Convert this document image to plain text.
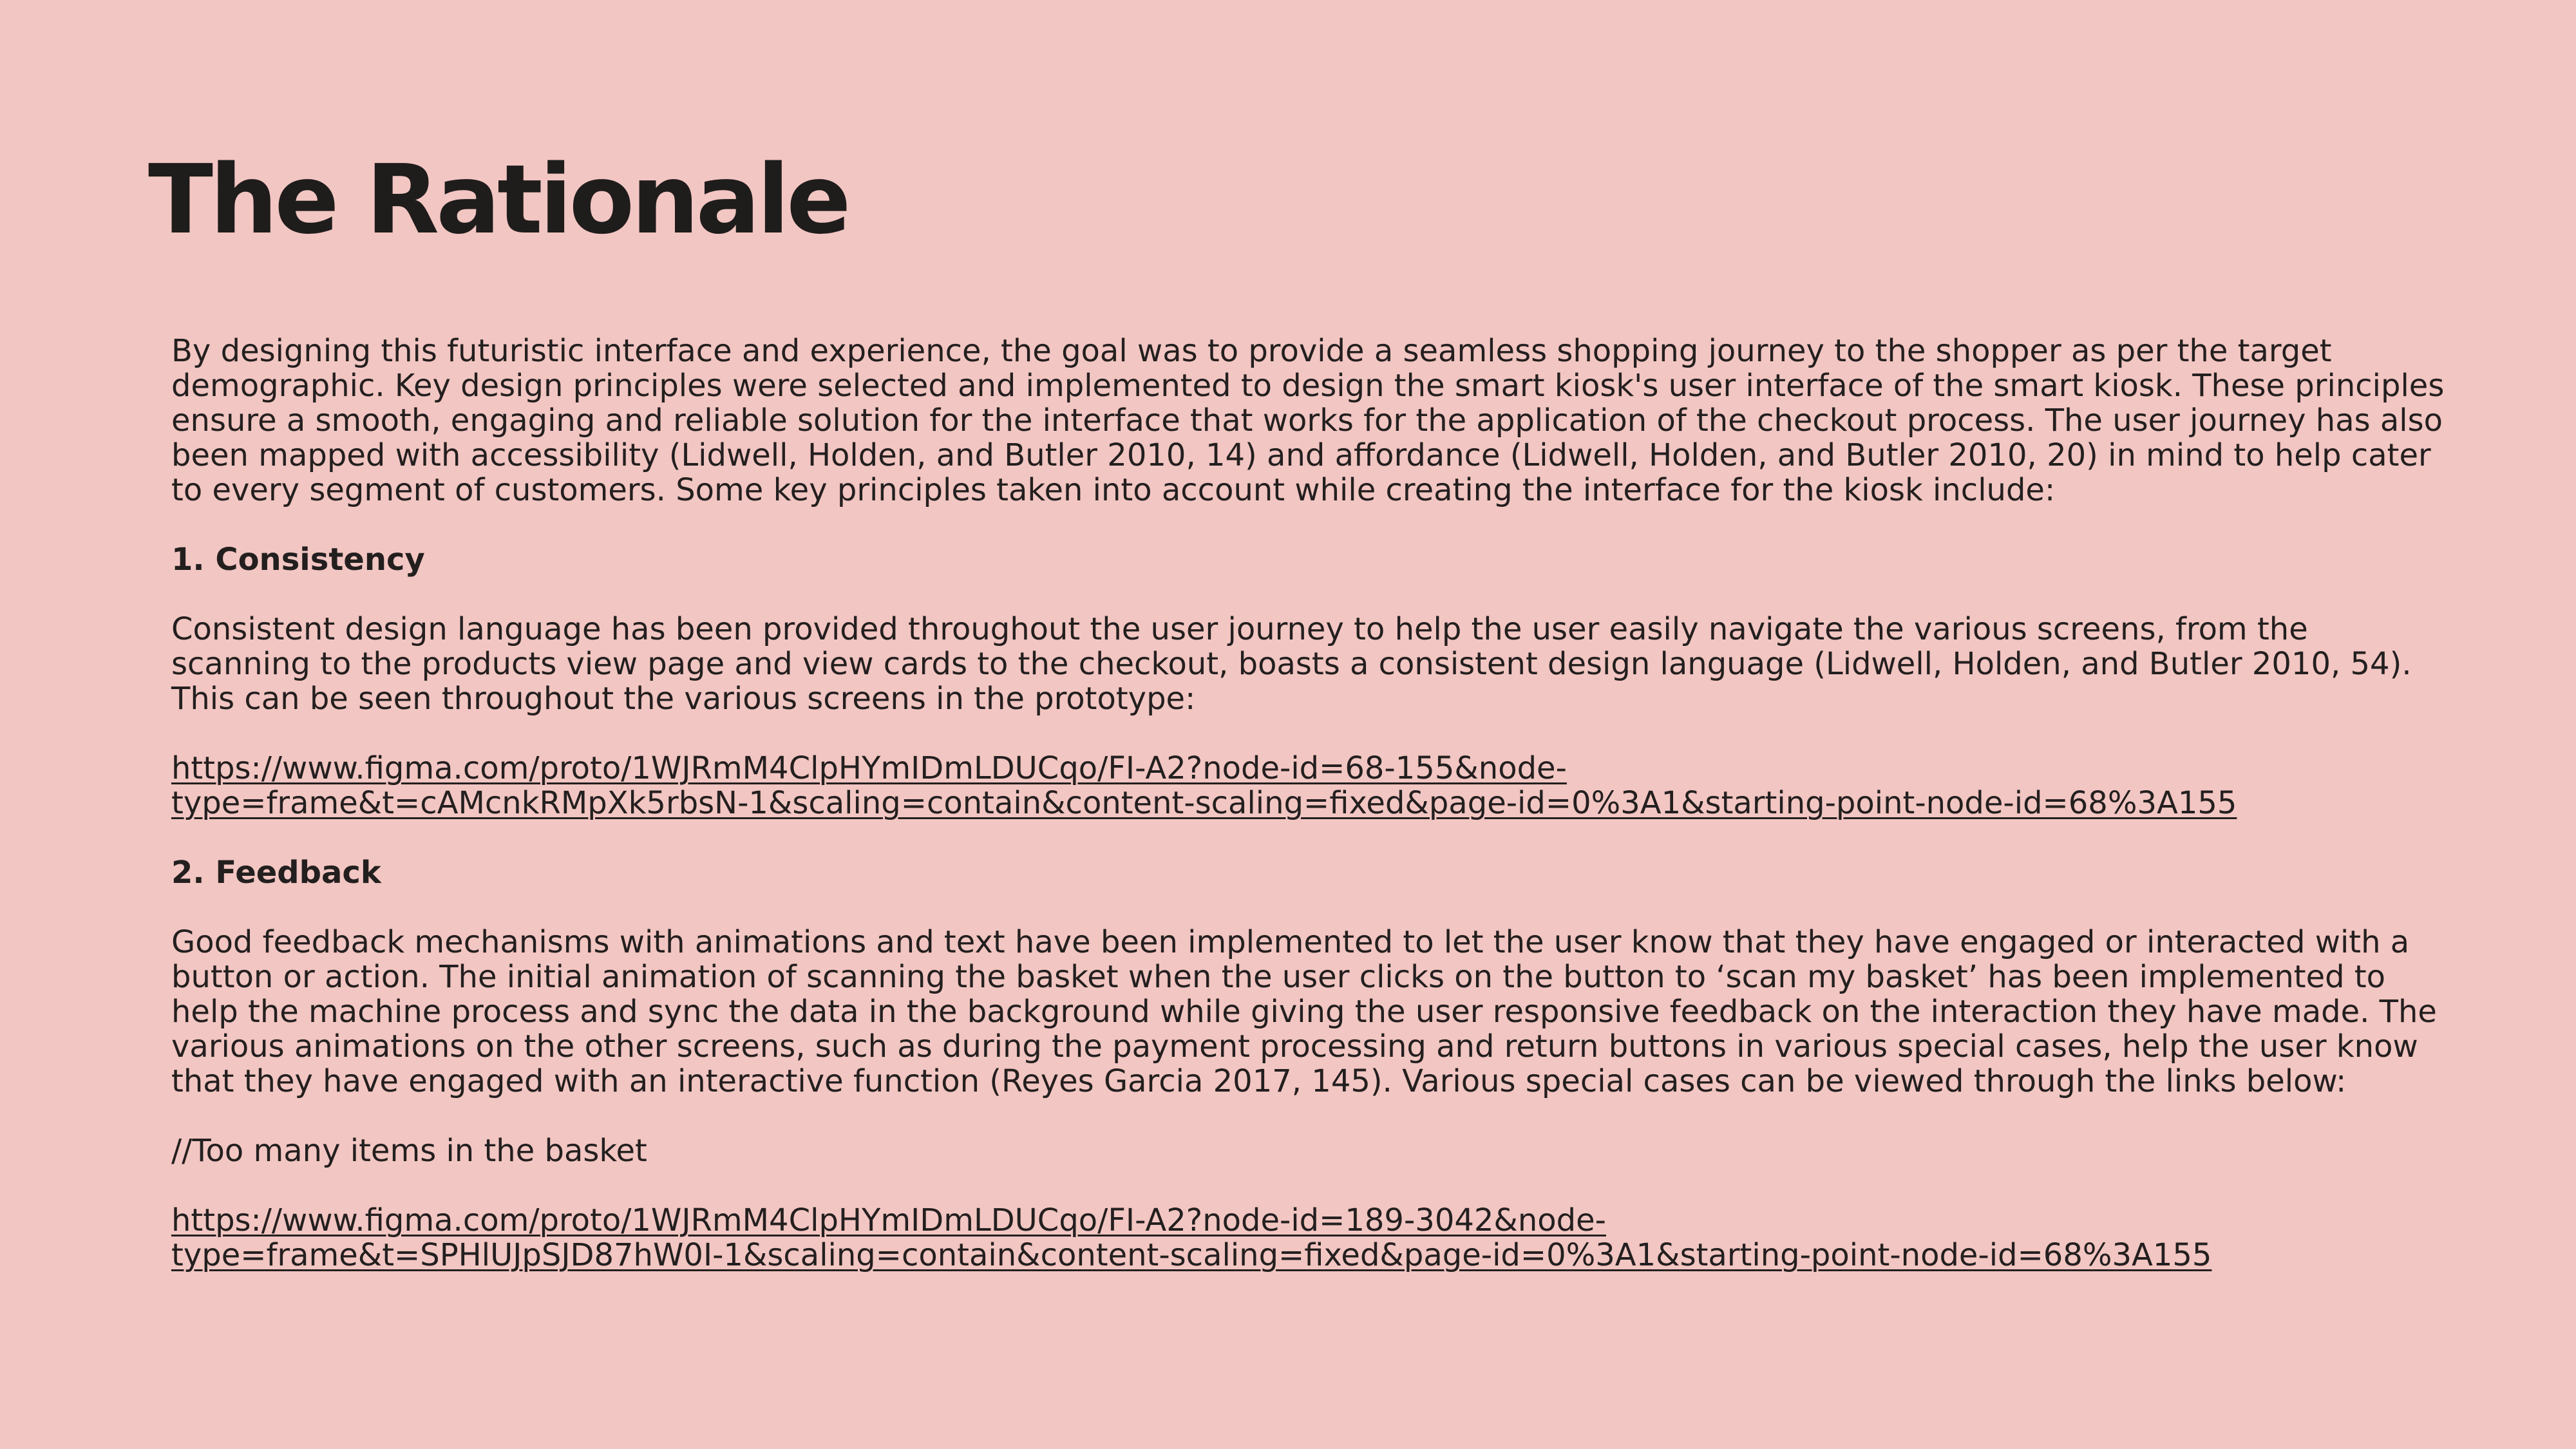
The Rationale

By designing this futuristic interface and experience, the goal was to provide a seamless shopping journey to the shopper as per the target demographic. Key design principles were selected and implemented to design the smart kiosk's user interface of the smart kiosk. These principles ensure a smooth, engaging and reliable solution for the interface that works for the application of the checkout process. The user journey has also been mapped with accessibility (Lidwell, Holden, and Butler 2010, 14) and affordance (Lidwell, Holden, and Butler 2010, 20) in mind to help cater to every segment of customers. Some key principles taken into account while creating the interface for the kiosk include:

1. Consistency

Consistent design language has been provided throughout the user journey to help the user easily navigate the various screens, from the scanning to the products view page and view cards to the checkout, boasts a consistent design language (Lidwell, Holden, and Butler 2010, 54). This can be seen throughout the various screens in the prototype:

https://www.figma.com/proto/1WJRmM4ClpHYmIDmLDUCqo/FI-A2?node-id=68-155&node-
type=frame&t=cAMcnkRMpXk5rbsN-1&scaling=contain&content-scaling=fixed&page-id=0%3A1&starting-point-node-id=68%3A155

2. Feedback

Good feedback mechanisms with animations and text have been implemented to let the user know that they have engaged or interacted with a button or action. The initial animation of scanning the basket when the user clicks on the button to ‘scan my basket’ has been implemented to help the machine process and sync the data in the background while giving the user responsive feedback on the interaction they have made. The various animations on the other screens, such as during the payment processing and return buttons in various special cases, help the user know that they have engaged with an interactive function (Reyes Garcia 2017, 145). Various special cases can be viewed through the links below:

//Too many items in the basket

https://www.figma.com/proto/1WJRmM4ClpHYmIDmLDUCqo/FI-A2?node-id=189-3042&node-
type=frame&t=SPHlUJpSJD87hW0I-1&scaling=contain&content-scaling=fixed&page-id=0%3A1&starting-point-node-id=68%3A155
